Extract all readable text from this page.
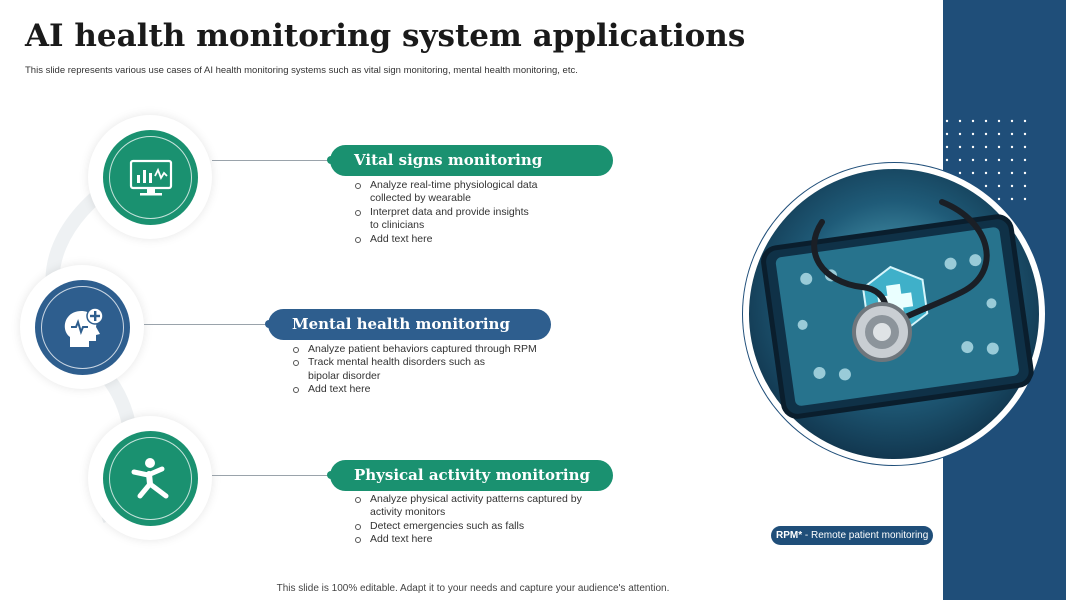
AI health monitoring system applications
This slide represents various use cases of AI health monitoring systems such as vital sign monitoring, mental health monitoring, etc.
Vital signs monitoring
Analyze real-time physiological data collected by wearable
Interpret data and provide insights to clinicians
Add text here
Mental health monitoring
Analyze patient behaviors captured through RPM
Track mental health disorders such as bipolar disorder
Add text here
Physical activity monitoring
Analyze physical activity patterns captured by activity monitors
Detect emergencies such as falls
Add text here	RPM* - Remote patient monitoring
This slide is 100% editable. Adapt it to your needs and capture your audience's attention.
